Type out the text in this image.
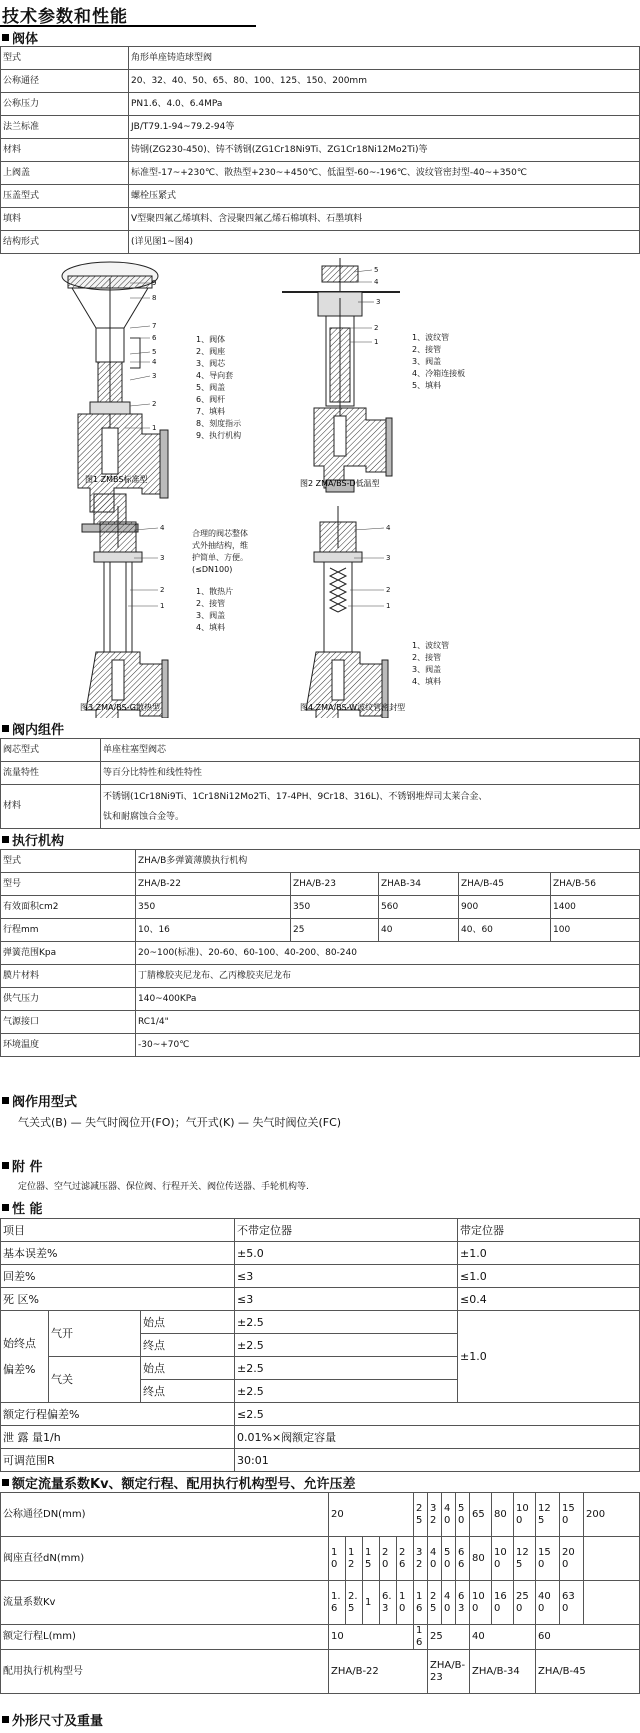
技术参数和性能
阀体
型式	角形单座铸造球型阀
公称通径	20、32、40、50、65、80、100、125、150、200mm
公称压力	PN1.6、4.0、6.4MPa
法兰标准	JB/T79.1-94~79.2-94等
材料	铸钢(ZG230-450)、铸不锈钢(ZG1Cr18Ni9Ti、ZG1Cr18Ni12Mo2Ti)等
上阀盖	标准型-17~+230℃、散热型+230~+450℃、低温型-60~-196℃、波纹管密封型-40~+350℃
压盖型式	螺栓压紧式
填料	V型聚四氟乙烯填料、含浸聚四氟乙烯石棉填料、石墨填料
结构形式	(详见图1~图4)
9
8
7
6
5
4
3
2
1
1、阀体
2、阀座
3、阀芯
4、导向套
5、阀盖
6、阀杆
7、填料
8、刻度指示
9、执行机构
图1 ZMBS标准型
5
4
3
2
1	1、波纹管
2、接管
3、阀盖
4、冷箱连接板
5、填料
图2 ZMA/BS-D低温型
4
3
2
1
合理的阀芯整体
式外抽结构，维
护简单、方便。
(≤DN100)
1、散热片
2、接管
3、阀盖
4、填料
图3 ZMA/BS-G散热型
4
3
2
1
1、波纹管
2、接管
3、阀盖
4、填料
图4 ZMA/BS-W波纹管密封型
阀内组件
阀芯型式	单座柱塞型阀芯
流量特性	等百分比特性和线性特性
材料	不锈钢(1Cr18Ni9Ti、1Cr18Ni12Mo2Ti、17-4PH、9Cr18、316L)、不锈钢堆焊司太莱合金、
钛和耐腐蚀合金等。
执行机构
型式	ZHA/B多弹簧薄膜执行机构				
型号	ZHA/B-22	ZHA/B-23	ZHAB-34	ZHA/B-45	ZHA/B-56
有效面积cm2	350	350	560	900	1400
行程mm	10、16	25	40	40、60	100
弹簧范围Kpa	20~100(标准)、20-60、60-100、40-200、80-240				
膜片材料	丁腈橡胶夹尼龙布、乙丙橡胶夹尼龙布				
供气压力	140~400KPa				
气源接口	RC1/4"				
环境温度	-30~+70℃				
阀作用型式
气关式(B) — 失气时阀位开(FO)；气开式(K) — 失气时阀位关(FC)
附 件
定位器、空气过滤减压器、保位阀、行程开关、阀位传送器、手轮机构等.
性 能
项目			不带定位器	带定位器
基本误差%			±5.0	±1.0
回差%			≤3	≤1.0
死 区%			≤3	≤0.4
始终点偏差%	气开	始点	±2.5	±1.0
		终点	±2.5	
	气关	始点	±2.5	
		终点	±2.5	
额定行程偏差%			≤2.5	
泄 露 量1/h			0.01%×阀额定容量	
可调范围R			30:01	
额定流量系数Kv、额定行程、配用执行机构型号、允许压差
公称通径DN(mm)	20					25	32	40	50	65	80	100	125	150	200
阀座直径dN(mm)	10	12	15	20	26	32	40	50	66	80	100	125	150	200	
流量系数Kv	1.6	2.5	1	6.3	10	16	25	40	63	100	160	250	400	630	
额定行程L(mm)	10					16	25			40			60		
配用执行机构型号	ZHA/B-22						ZHA/B-23			ZHA/B-34			ZHA/B-45		
外形尺寸及重量
